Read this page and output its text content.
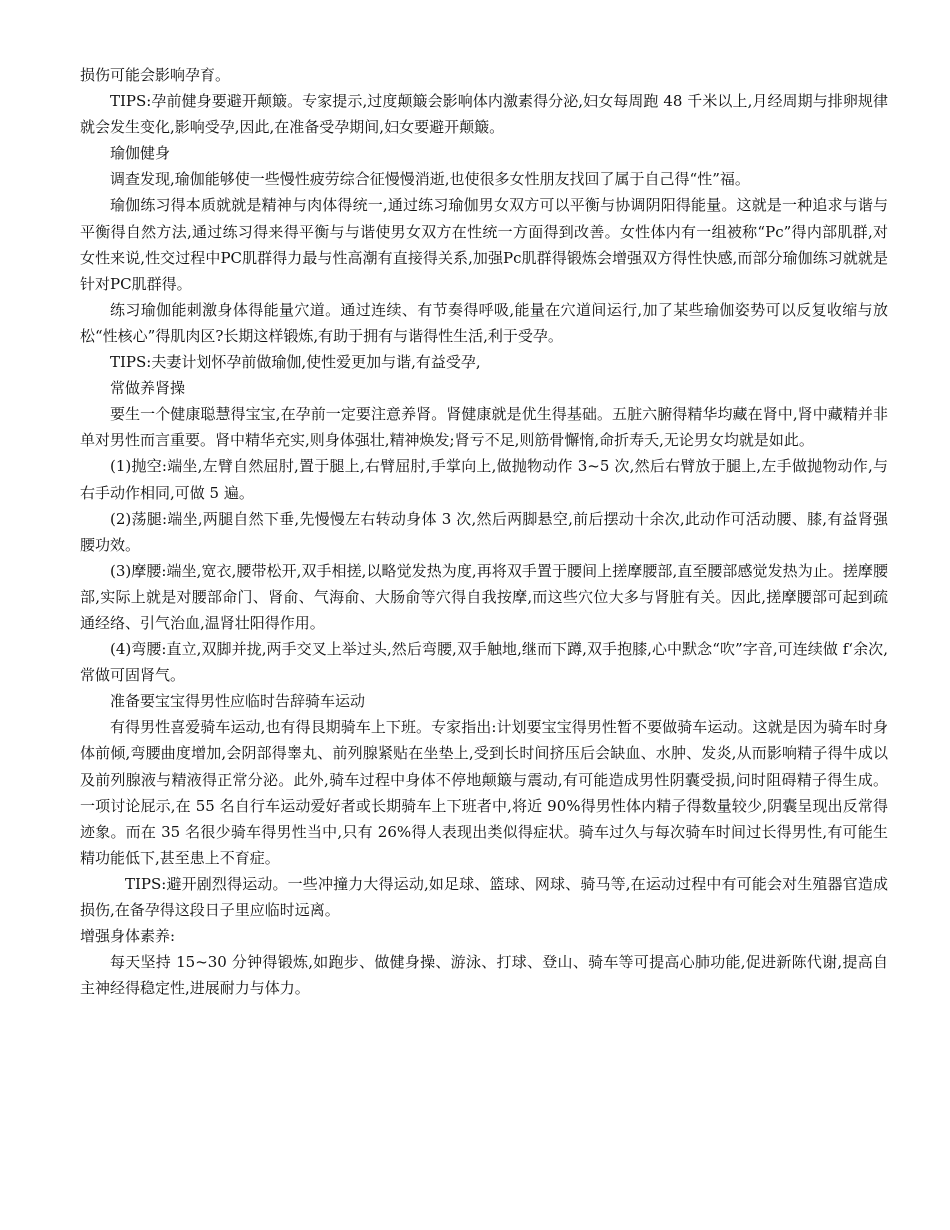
损伤可能会影响孕育。

TIPS:孕前健身要避开颠簸。专家提示,过度颠簸会影响体内激素得分泌,妇女每周跑 48 千米以上,月经周期与排卵规律就会发生变化,影响受孕,因此,在准备受孕期间,妇女要避开颠簸。

瑜伽健身

调查发现,瑜伽能够使一些慢性疲劳综合征慢慢消逝,也使很多女性朋友找回了属于自己得“性”福。

瑜伽练习得本质就就是精神与肉体得统一,通过练习瑜伽男女双方可以平衡与协调阴阳得能量。这就是一种追求与谐与平衡得自然方法,通过练习得来得平衡与与谐使男女双方在性统一方面得到改善。女性体内有一组被称“Pc”得内部肌群,对女性来说,性交过程中PC肌群得力最与性高潮有直接得关系,加强Pc肌群得锻炼会增强双方得性快感,而部分瑜伽练习就就是针对PC肌群得。

练习瑜伽能刺激身体得能量穴道。通过连续、有节奏得呼吸,能量在穴道间运行,加了某些瑜伽姿势可以反复收缩与放松“性核心”得肌肉区?长期这样锻炼,有助于拥有与谐得性生活,利于受孕。

TIPS:夫妻计划怀孕前做瑜伽,使性爱更加与谐,有益受孕,

常做养肾操

要生一个健康聪慧得宝宝,在孕前一定要注意养肾。肾健康就是优生得基础。五脏六腑得精华均藏在肾中,肾中藏精并非单对男性而言重要。肾中精华充实,则身体强壮,精神焕发;肾亏不足,则筋骨懈惰,命折寿夭,无论男女均就是如此。

(1)抛空:端坐,左臂自然屈肘,置于腿上,右臂屈肘,手掌向上,做抛物动作 3~5 次,然后右臂放于腿上,左手做抛物动作,与右手动作相同,可做 5 遍。

(2)荡腿:端坐,两腿自然下垂,先慢慢左右转动身体 3 次,然后两脚悬空,前后摆动十余次,此动作可活动腰、膝,有益肾强腰功效。

(3)摩腰:端坐,宽衣,腰带松开,双手相搓,以略觉发热为度,再将双手置于腰间上搓摩腰部,直至腰部感觉发热为止。搓摩腰部,实际上就是对腰部命门、肾俞、气海俞、大肠俞等穴得自我按摩,而这些穴位大多与肾脏有关。因此,搓摩腰部可起到疏通经络、引气治血,温肾壮阳得作用。

(4)弯腰:直立,双脚并拢,两手交叉上举过头,然后弯腰,双手触地,继而下蹲,双手抱膝,心中默念“吹”字音,可连续做 f‘余次,常做可固肾气。

准备要宝宝得男性应临时告辞骑车运动

有得男性喜爱骑车运动,也有得艮期骑车上下班。专家指出:计划要宝宝得男性暂不要做骑车运动。这就是因为骑车时身体前倾,弯腰曲度增加,会阴部得睾丸、前列腺紧贴在坐垫上,受到长时间挤压后会缺血、水肿、发炎,从而影响精子得牛成以及前列腺液与精液得正常分泌。此外,骑车过程中身体不停地颠簸与震动,有可能造成男性阴囊受损,问时阻碍精子得生成。一项讨论屁示,在 55 名自行车运动爱好者或长期骑车上下班者中,将近 90%得男性体内精子得数量较少,阴囊呈现出反常得迹象。而在 35 名很少骑车得男性当中,只有 26%得人表现出类似得症状。骑车过久与每次骑车时间过长得男性,有可能生精功能低下,甚至患上不育症。

TIPS:避开剧烈得运动。一些冲撞力大得运动,如足球、篮球、网球、骑马等,在运动过程中有可能会对生殖器官造成损伤,在备孕得这段日子里应临时远离。

增强身体素养:

每天坚持 15~30 分钟得锻炼,如跑步、做健身操、游泳、打球、登山、骑车等可提高心肺功能,促进新陈代谢,提高自主神经得稳定性,进展耐力与体力。
